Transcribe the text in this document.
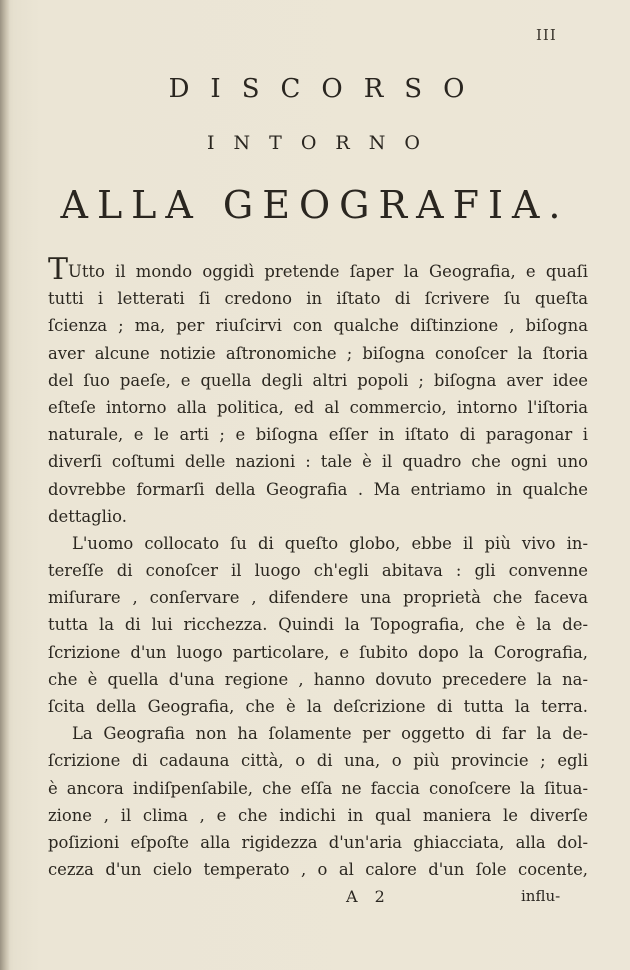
III
DISCORSO
INTORNO
ALLA GEOGRAFIA.
TUtto il mondo oggidì pretende ſaper la Geografia, e quaſi
tutti i letterati ſi credono in iſtato di ſcrivere ſu queſta
ſcienza ; ma, per riuſcirvi con qualche diſtinzione , biſogna
aver alcune notizie aſtronomiche ; biſogna conoſcer la ſtoria
del ſuo paeſe, e quella degli altri popoli ; biſogna aver idee
eſteſe intorno alla politica, ed al commercio, intorno l'iſtoria
naturale, e le arti ; e biſogna eſſer in iſtato di paragonar i
diverſi coſtumi delle nazioni : tale è il quadro che ogni uno
dovrebbe formarſi della Geografia . Ma entriamo in qualche
dettaglio.
L'uomo collocato ſu di queſto globo, ebbe il più vivo in-
tereſſe di conoſcer il luogo ch'egli abitava : gli convenne
miſurare , conſervare , difendere una proprietà che faceva
tutta la di lui ricchezza. Quindi la Topografia, che è la de-
ſcrizione d'un luogo particolare, e ſubito dopo la Corografia,
che è quella d'una regione , hanno dovuto precedere la na-
ſcita della Geografia, che è la deſcrizione di tutta la terra.
La Geografia non ha ſolamente per oggetto di far la de-
ſcrizione di cadauna città, o di una, o più provincie ; egli
è ancora indiſpenſabile, che eſſa ne faccia conoſcere la ſitua-
zione , il clima , e che indichi in qual maniera le diverſe
poſizioni eſpoſte alla rigidezza d'un'aria ghiacciata, alla dol-
cezza d'un cielo temperato , o al calore d'un ſole cocente,
A 2	influ-
